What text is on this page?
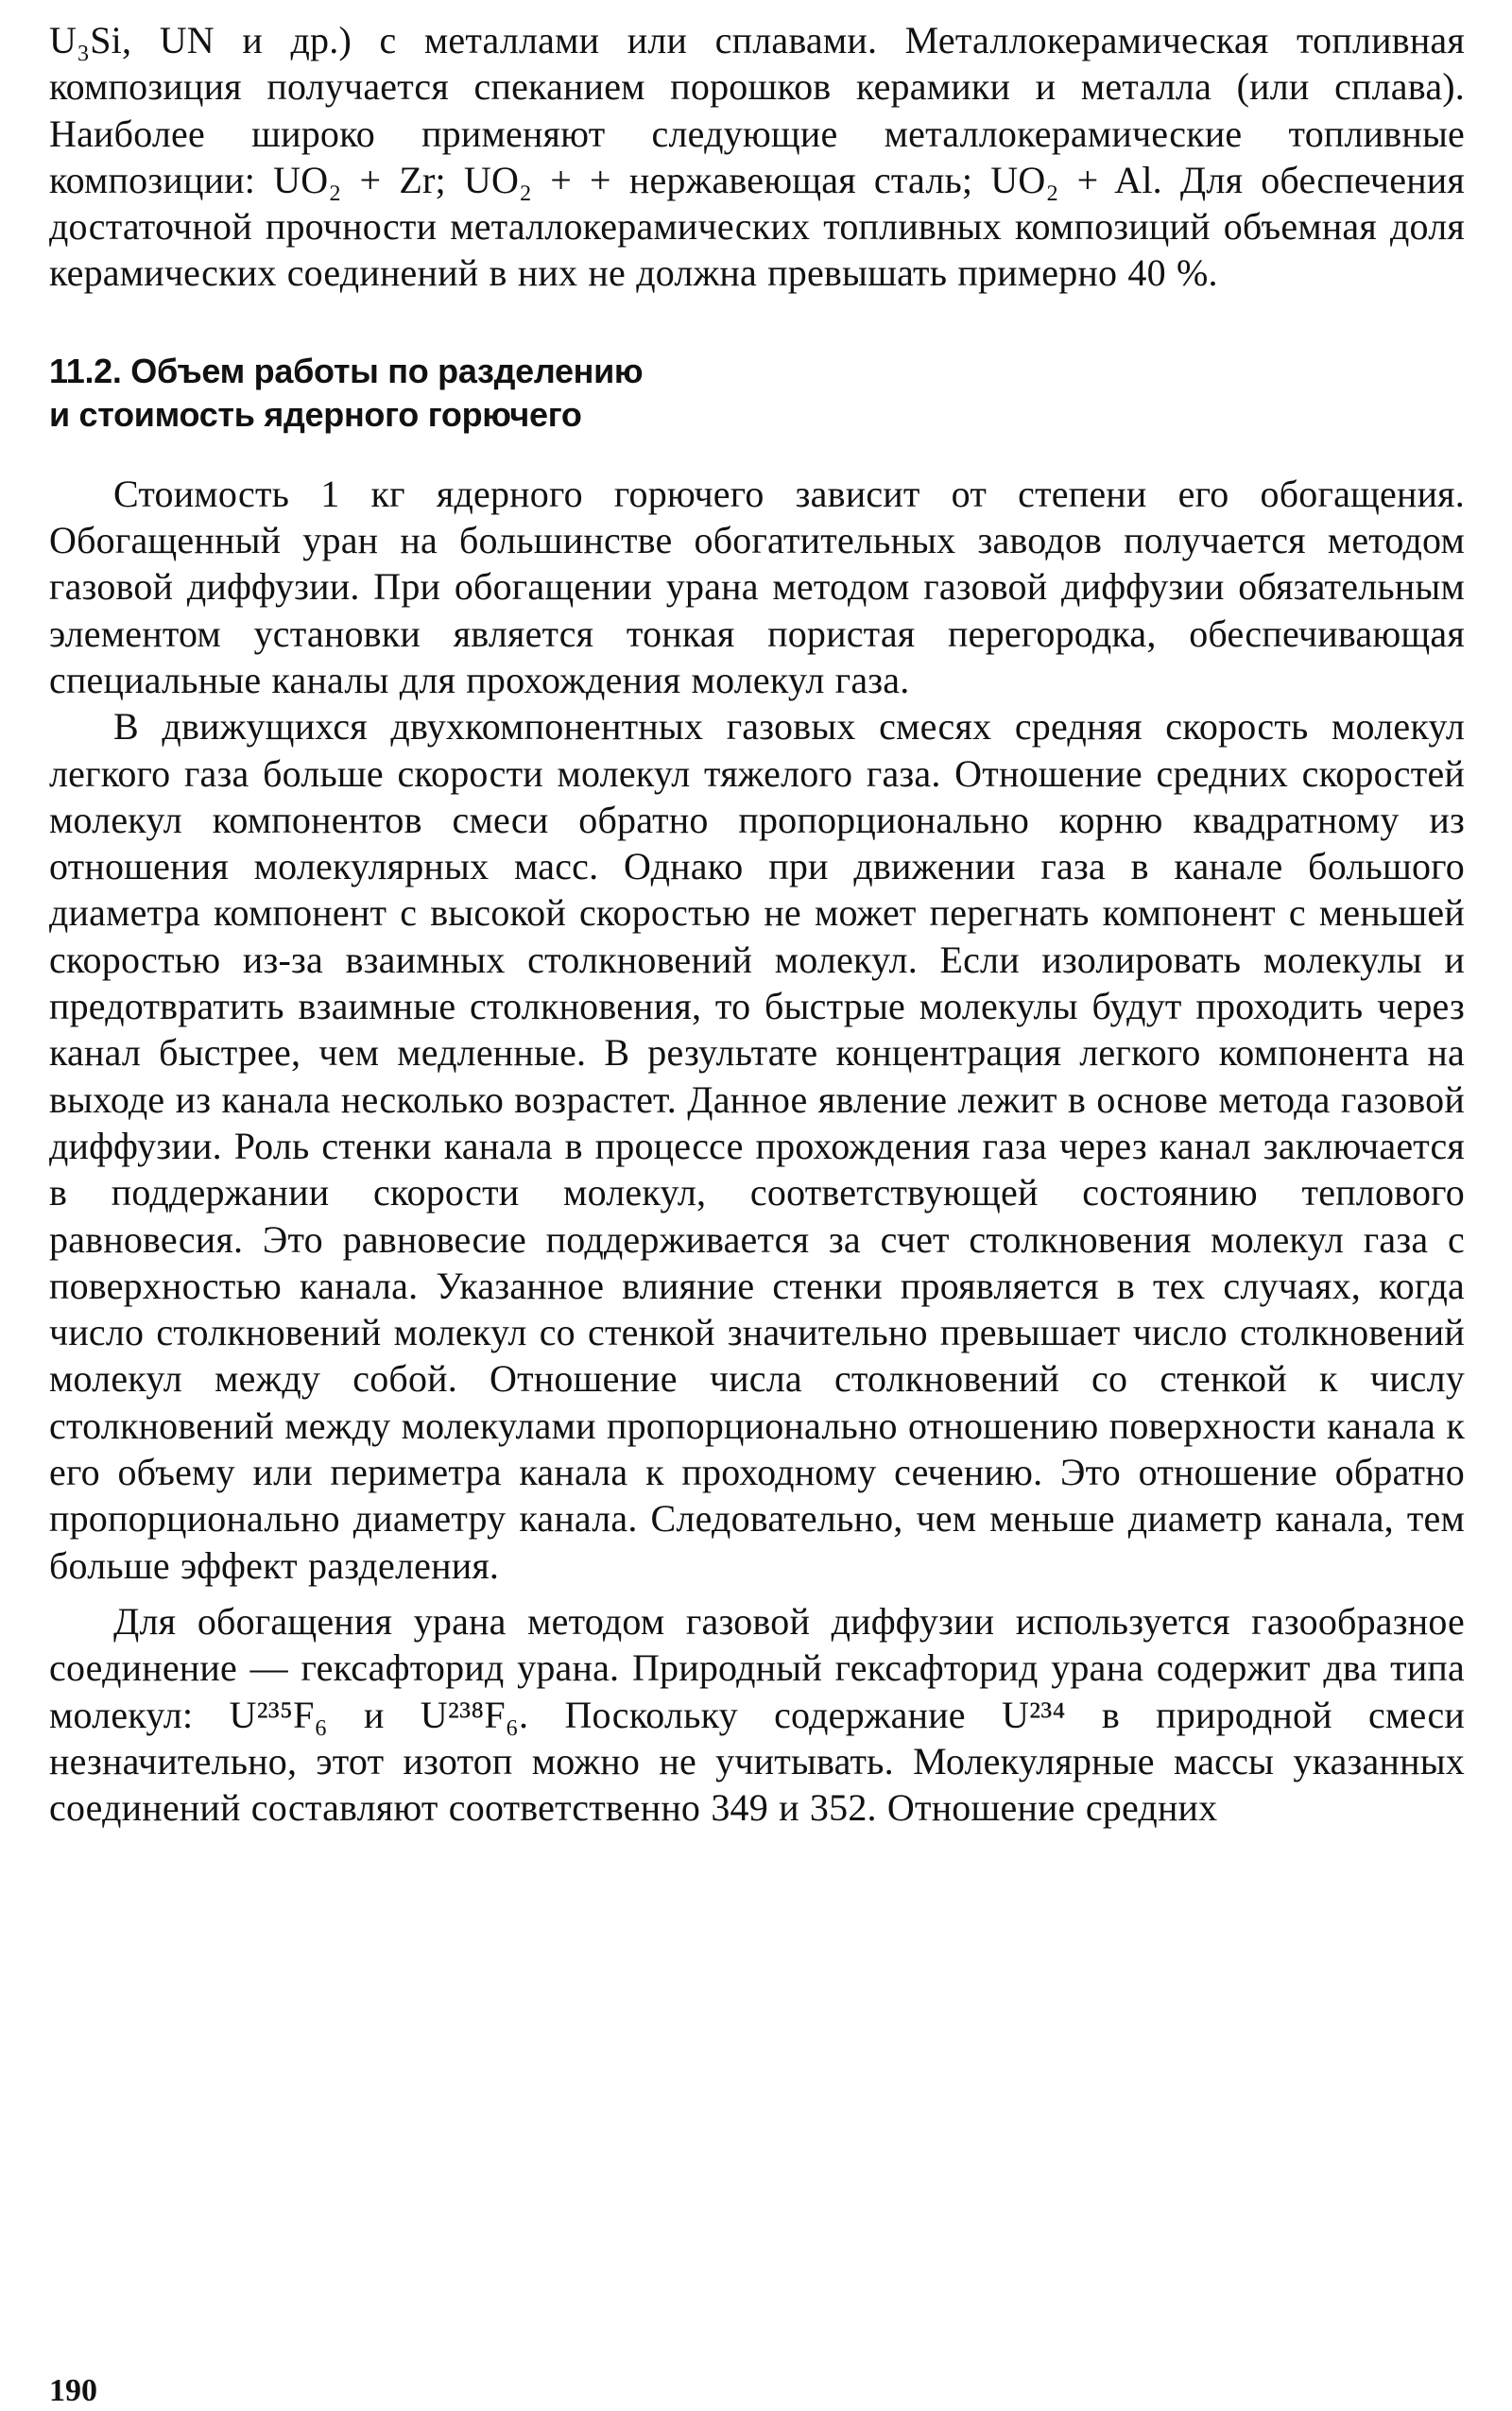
U₃Si, UN и др.) с металлами или сплавами. Металлокерамическая топливная композиция получается спеканием порошков керамики и металла (или сплава). Наиболее широко применяют следующие металлокерамические топливные композиции: UO₂ + Zr; UO₂ + + нержавеющая сталь; UO₂ + Al. Для обеспечения достаточной прочности металлокерамических топливных композиций объемная доля керамических соединений в них не должна превышать примерно 40 %.

11.2. Объем работы по разделению
и стоимость ядерного горючего

Стоимость 1 кг ядерного горючего зависит от степени его обогащения. Обогащенный уран на большинстве обогатительных заводов получается методом газовой диффузии. При обогащении урана методом газовой диффузии обязательным элементом установки является тонкая пористая перегородка, обеспечивающая специальные каналы для прохождения молекул газа.

В движущихся двухкомпонентных газовых смесях средняя скорость молекул легкого газа больше скорости молекул тяжелого газа. Отношение средних скоростей молекул компонентов смеси обратно пропорционально корню квадратному из отношения молекулярных масс. Однако при движении газа в канале большого диаметра компонент с высокой скоростью не может перегнать компонент с меньшей скоростью из-за взаимных столкновений молекул. Если изолировать молекулы и предотвратить взаимные столкновения, то быстрые молекулы будут проходить через канал быстрее, чем медленные. В результате концентрация легкого компонента на выходе из канала несколько возрастет. Данное явление лежит в основе метода газовой диффузии. Роль стенки канала в процессе прохождения газа через канал заключается в поддержании скорости молекул, соответствующей состоянию теплового равновесия. Это равновесие поддерживается за счет столкновения молекул газа с поверхностью канала. Указанное влияние стенки проявляется в тех случаях, когда число столкновений молекул со стенкой значительно превышает число столкновений молекул между собой. Отношение числа столкновений со стенкой к числу столкновений между молекулами пропорционально отношению поверхности канала к его объему или периметра канала к проходному сечению. Это отношение обратно пропорционально диаметру канала. Следовательно, чем меньше диаметр канала, тем больше эффект разделения.

Для обогащения урана методом газовой диффузии используется газообразное соединение — гексафторид урана. Природный гексафторид урана содержит два типа молекул: U²³⁵F₆ и U²³⁸F₆. Поскольку содержание U²³⁴ в природной смеси незначительно, этот изотоп можно не учитывать. Молекулярные массы указанных соединений составляют соответственно 349 и 352. Отношение средних

190
